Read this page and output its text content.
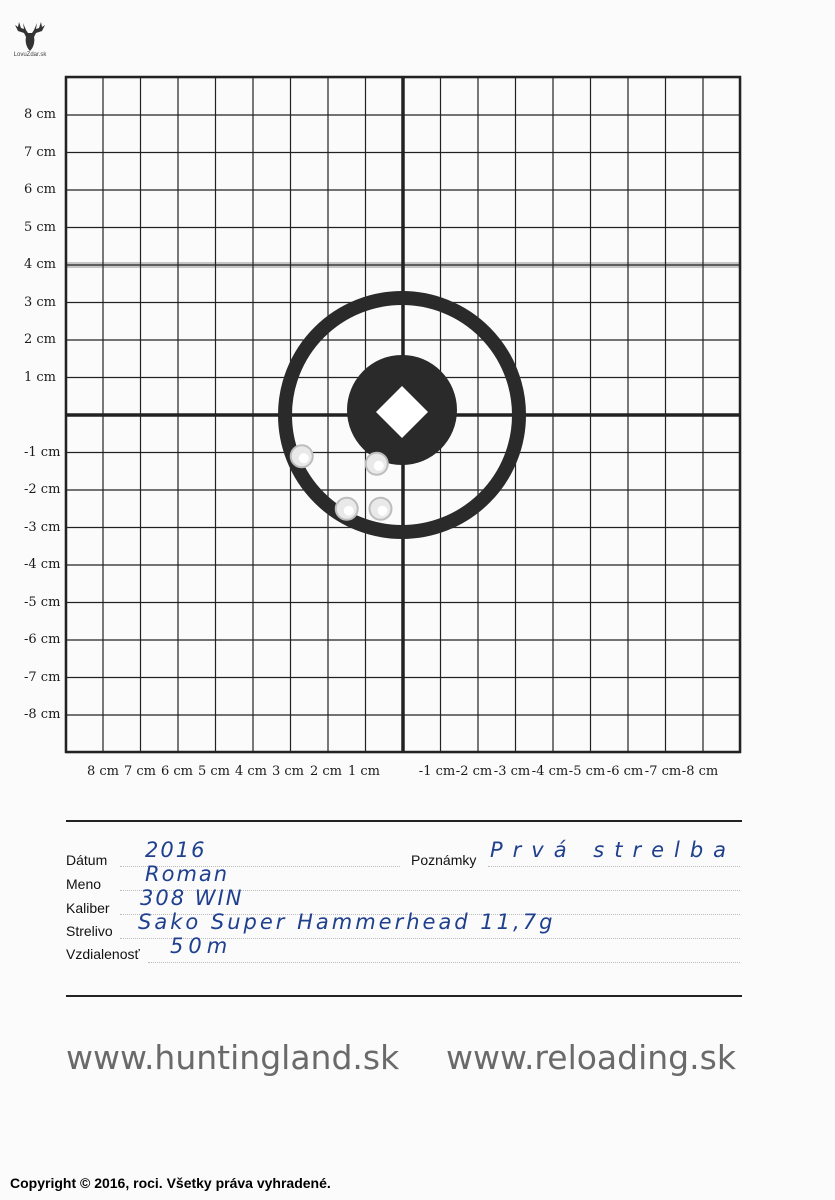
LovuZdar.sk
8 cm
7 cm
6 cm
5 cm
4 cm
3 cm
2 cm
1 cm
-1 cm
-2 cm
-3 cm
-4 cm
-5 cm
-6 cm
-7 cm
-8 cm
8 cm 7 cm 6 cm 5 cm 4 cm 3 cm 2 cm 1 cm	-1 cm -2 cm -3 cm -4 cm -5 cm -6 cm -7 cm -8 cm
Dátum 2016	Poznámky Prvá strelba
Meno Roman
Kaliber 308 WIN
Strelivo Sako Super Hammerhead 11,7g
Vzdialenosť 50m
www.huntingland.sk www.reloading.sk
Copyright © 2016, roci. Všetky práva vyhradené.
